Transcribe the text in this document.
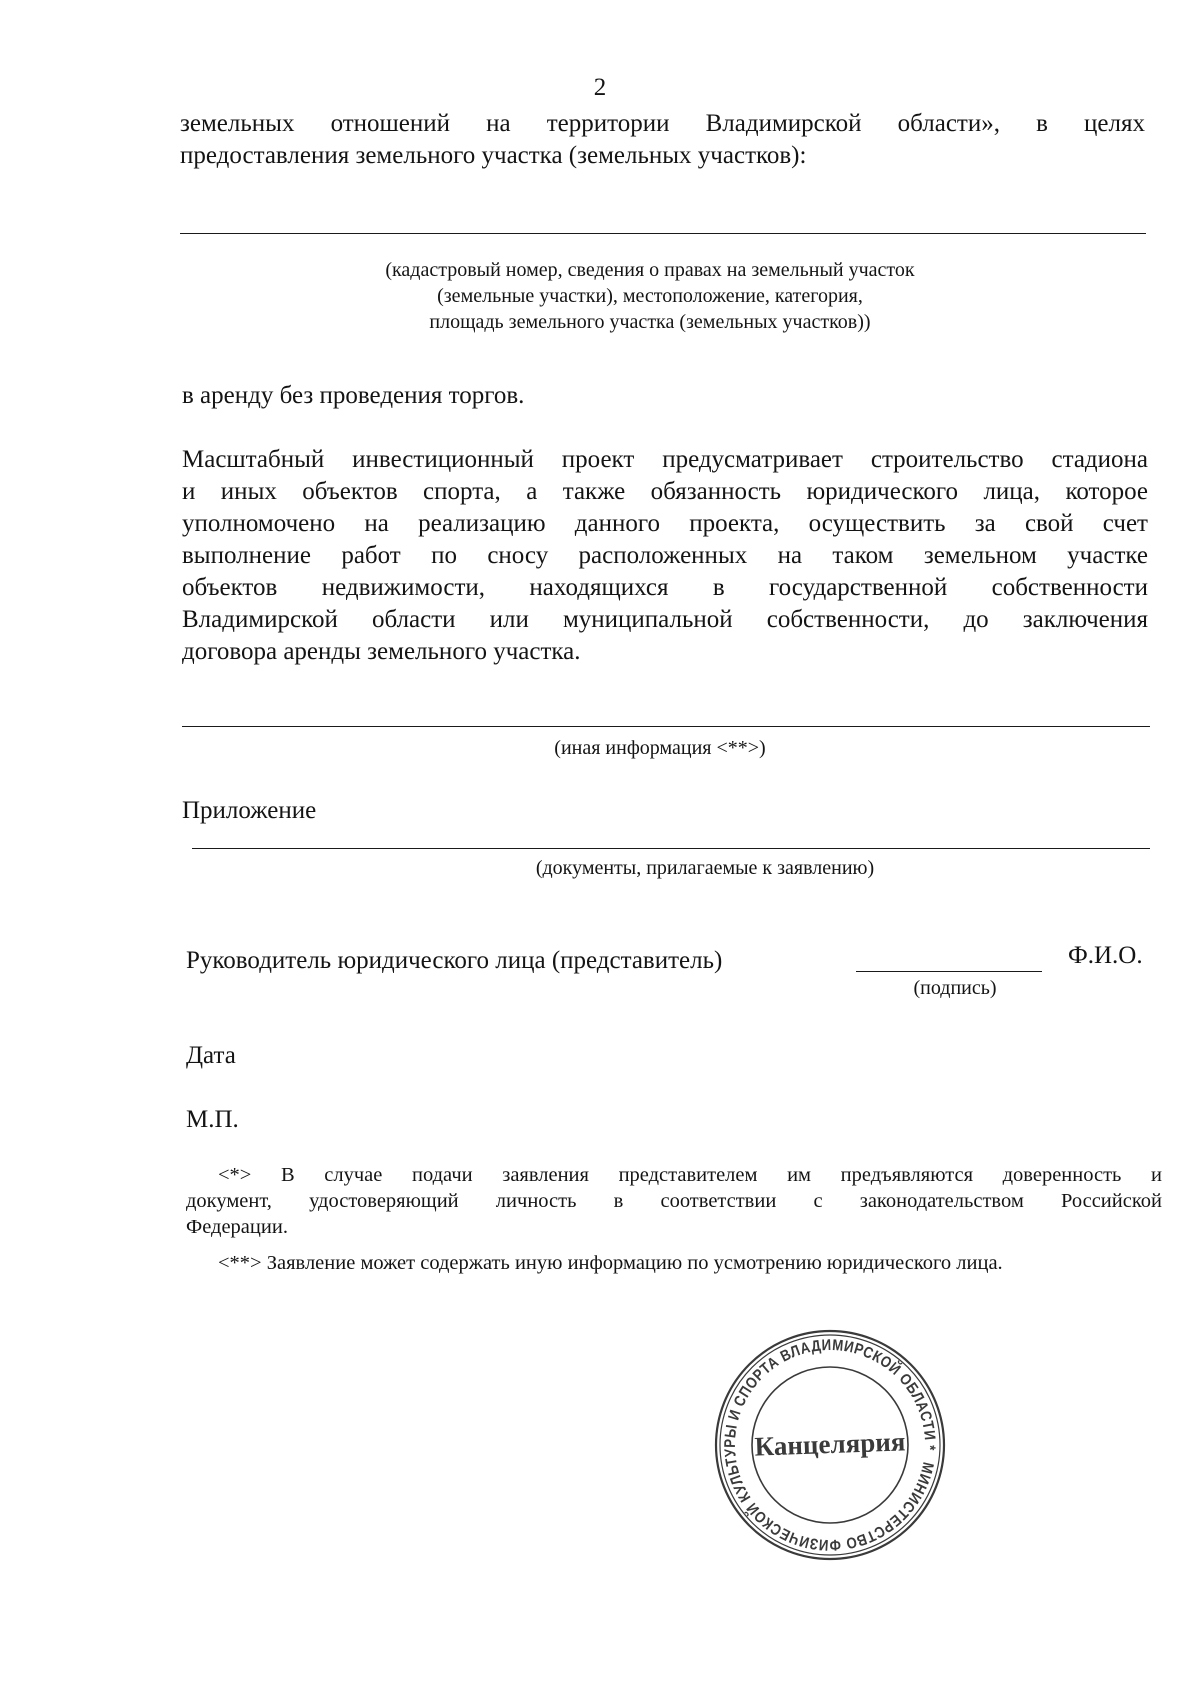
2
земельных отношений на территории Владимирской области», в целях
предоставления земельного участка (земельных участков):
(кадастровый номер, сведения о правах на земельный участок
(земельные участки), местоположение, категория,
площадь земельного участка (земельных участков))
в аренду без проведения торгов.
Масштабный инвестиционный проект предусматривает строительство стадиона
и иных объектов спорта, а также обязанность юридического лица, которое
уполномочено на реализацию данного проекта, осуществить за свой счет
выполнение работ по сносу расположенных на таком земельном участке
объектов недвижимости, находящихся в государственной собственности
Владимирской области или муниципальной собственности, до заключения
договора аренды земельного участка.
(иная информация <**>)
Приложение
(документы, прилагаемые к заявлению)
Руководитель юридического лица (представитель)	Ф.И.О.
(подпись)
Дата
М.П.
<*> В случае подачи заявления представителем им предъявляются доверенность и
документ, удостоверяющий личность в соответствии с законодательством Российской
Федерации.
<**> Заявление может содержать иную информацию по усмотрению юридического лица.
МИНИСТЕРСТВО ФИЗИЧЕСКОЙ КУЛЬТУРЫ И СПОРТА ВЛАДИМИРСКОЙ ОБЛАСТИ *
Канцелярия
